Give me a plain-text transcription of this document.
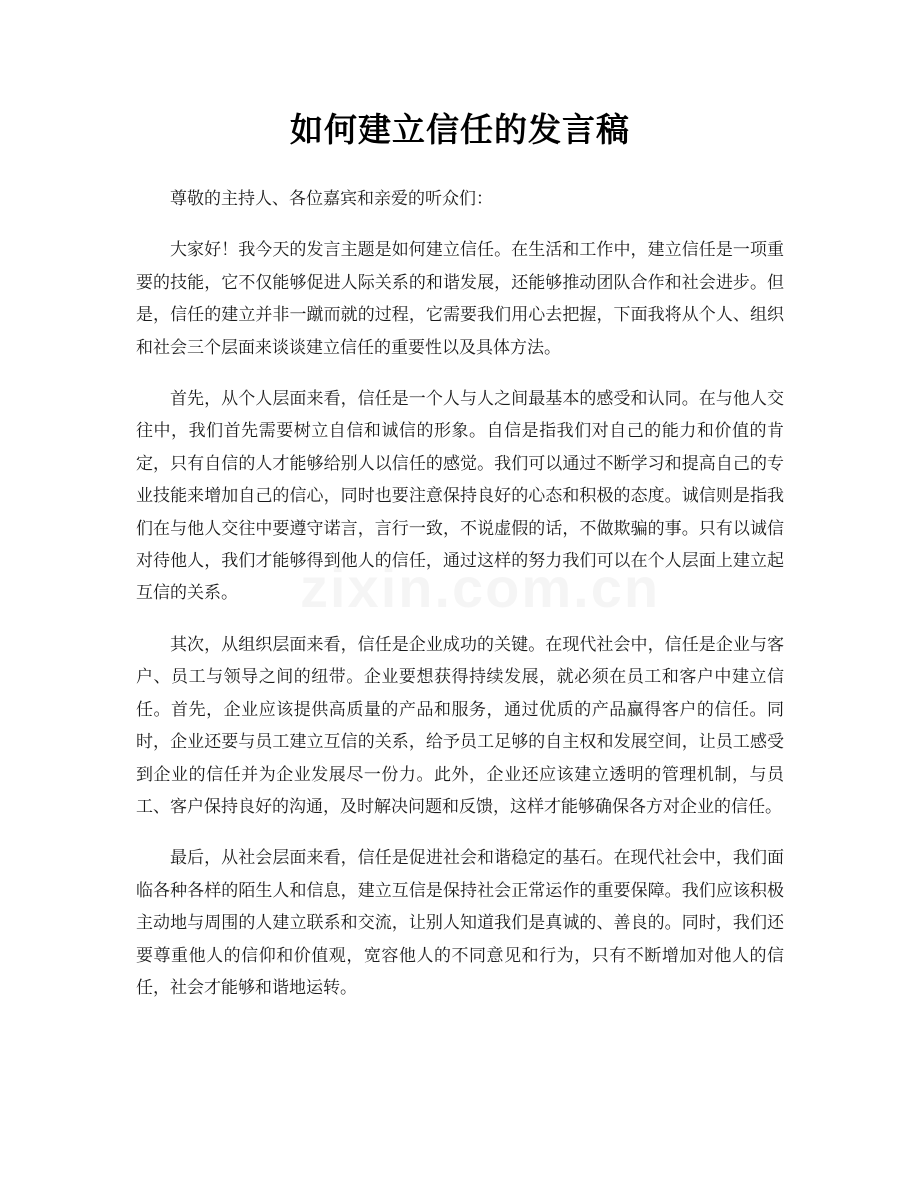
如何建立信任的发言稿

尊敬的主持人、各位嘉宾和亲爱的听众们：

大家好！我今天的发言主题是如何建立信任。在生活和工作中，建立信任是一项重要的技能，它不仅能够促进人际关系的和谐发展，还能够推动团队合作和社会进步。但是，信任的建立并非一蹴而就的过程，它需要我们用心去把握，下面我将从个人、组织和社会三个层面来谈谈建立信任的重要性以及具体方法。

首先，从个人层面来看，信任是一个人与人之间最基本的感受和认同。在与他人交往中，我们首先需要树立自信和诚信的形象。自信是指我们对自己的能力和价值的肯定，只有自信的人才能够给别人以信任的感觉。我们可以通过不断学习和提高自己的专业技能来增加自己的信心，同时也要注意保持良好的心态和积极的态度。诚信则是指我们在与他人交往中要遵守诺言，言行一致，不说虚假的话，不做欺骗的事。只有以诚信对待他人，我们才能够得到他人的信任，通过这样的努力我们可以在个人层面上建立起互信的关系。

其次，从组织层面来看，信任是企业成功的关键。在现代社会中，信任是企业与客户、员工与领导之间的纽带。企业要想获得持续发展，就必须在员工和客户中建立信任。首先，企业应该提供高质量的产品和服务，通过优质的产品赢得客户的信任。同时，企业还要与员工建立互信的关系，给予员工足够的自主权和发展空间，让员工感受到企业的信任并为企业发展尽一份力。此外，企业还应该建立透明的管理机制，与员工、客户保持良好的沟通，及时解决问题和反馈，这样才能够确保各方对企业的信任。

最后，从社会层面来看，信任是促进社会和谐稳定的基石。在现代社会中，我们面临各种各样的陌生人和信息，建立互信是保持社会正常运作的重要保障。我们应该积极主动地与周围的人建立联系和交流，让别人知道我们是真诚的、善良的。同时，我们还要尊重他人的信仰和价值观，宽容他人的不同意见和行为，只有不断增加对他人的信任，社会才能够和谐地运转。
